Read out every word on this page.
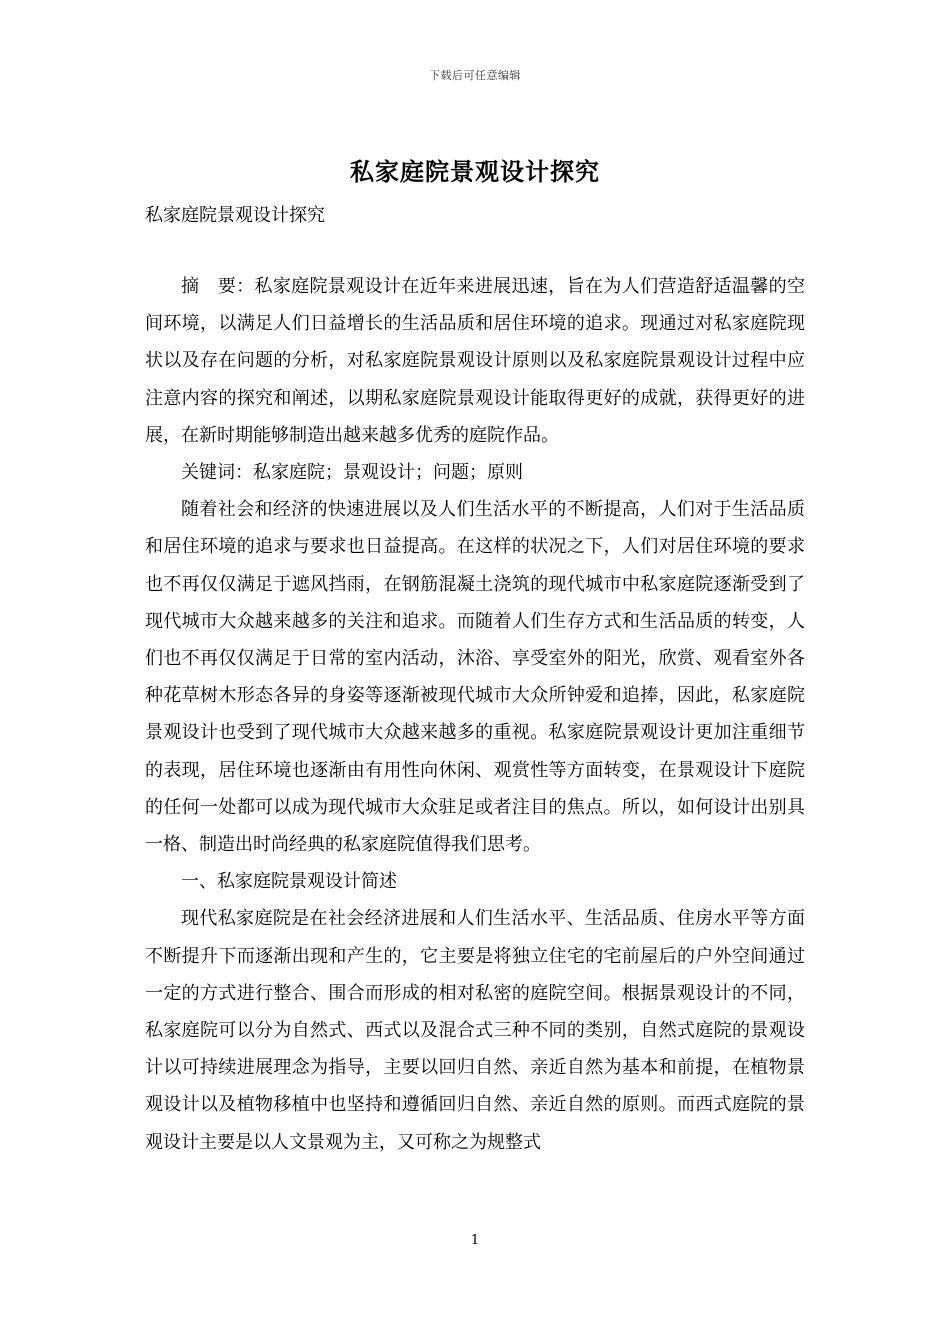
下载后可任意编辑
私家庭院景观设计探究
私家庭院景观设计探究

摘　要：私家庭院景观设计在近年来进展迅速，旨在为人们营造舒适温馨的空间环境，以满足人们日益增长的生活品质和居住环境的追求。现通过对私家庭院现状以及存在问题的分析，对私家庭院景观设计原则以及私家庭院景观设计过程中应注意内容的探究和阐述，以期私家庭院景观设计能取得更好的成就，获得更好的进展，在新时期能够制造出越来越多优秀的庭院作品。

关键词：私家庭院；景观设计；问题；原则

随着社会和经济的快速进展以及人们生活水平的不断提高，人们对于生活品质和居住环境的追求与要求也日益提高。在这样的状况之下，人们对居住环境的要求也不再仅仅满足于遮风挡雨，在钢筋混凝土浇筑的现代城市中私家庭院逐渐受到了现代城市大众越来越多的关注和追求。而随着人们生存方式和生活品质的转变，人们也不再仅仅满足于日常的室内活动，沐浴、享受室外的阳光，欣赏、观看室外各种花草树木形态各异的身姿等逐渐被现代城市大众所钟爱和追捧，因此，私家庭院景观设计也受到了现代城市大众越来越多的重视。私家庭院景观设计更加注重细节的表现，居住环境也逐渐由有用性向休闲、观赏性等方面转变，在景观设计下庭院的任何一处都可以成为现代城市大众驻足或者注目的焦点。所以，如何设计出别具一格、制造出时尚经典的私家庭院值得我们思考。

一、私家庭院景观设计简述

现代私家庭院是在社会经济进展和人们生活水平、生活品质、住房水平等方面不断提升下而逐渐出现和产生的，它主要是将独立住宅的宅前屋后的户外空间通过一定的方式进行整合、围合而形成的相对私密的庭院空间。根据景观设计的不同，私家庭院可以分为自然式、西式以及混合式三种不同的类别，自然式庭院的景观设计以可持续进展理念为指导，主要以回归自然、亲近自然为基本和前提，在植物景观设计以及植物移植中也坚持和遵循回归自然、亲近自然的原则。而西式庭院的景观设计主要是以人文景观为主，又可称之为规整式

1
